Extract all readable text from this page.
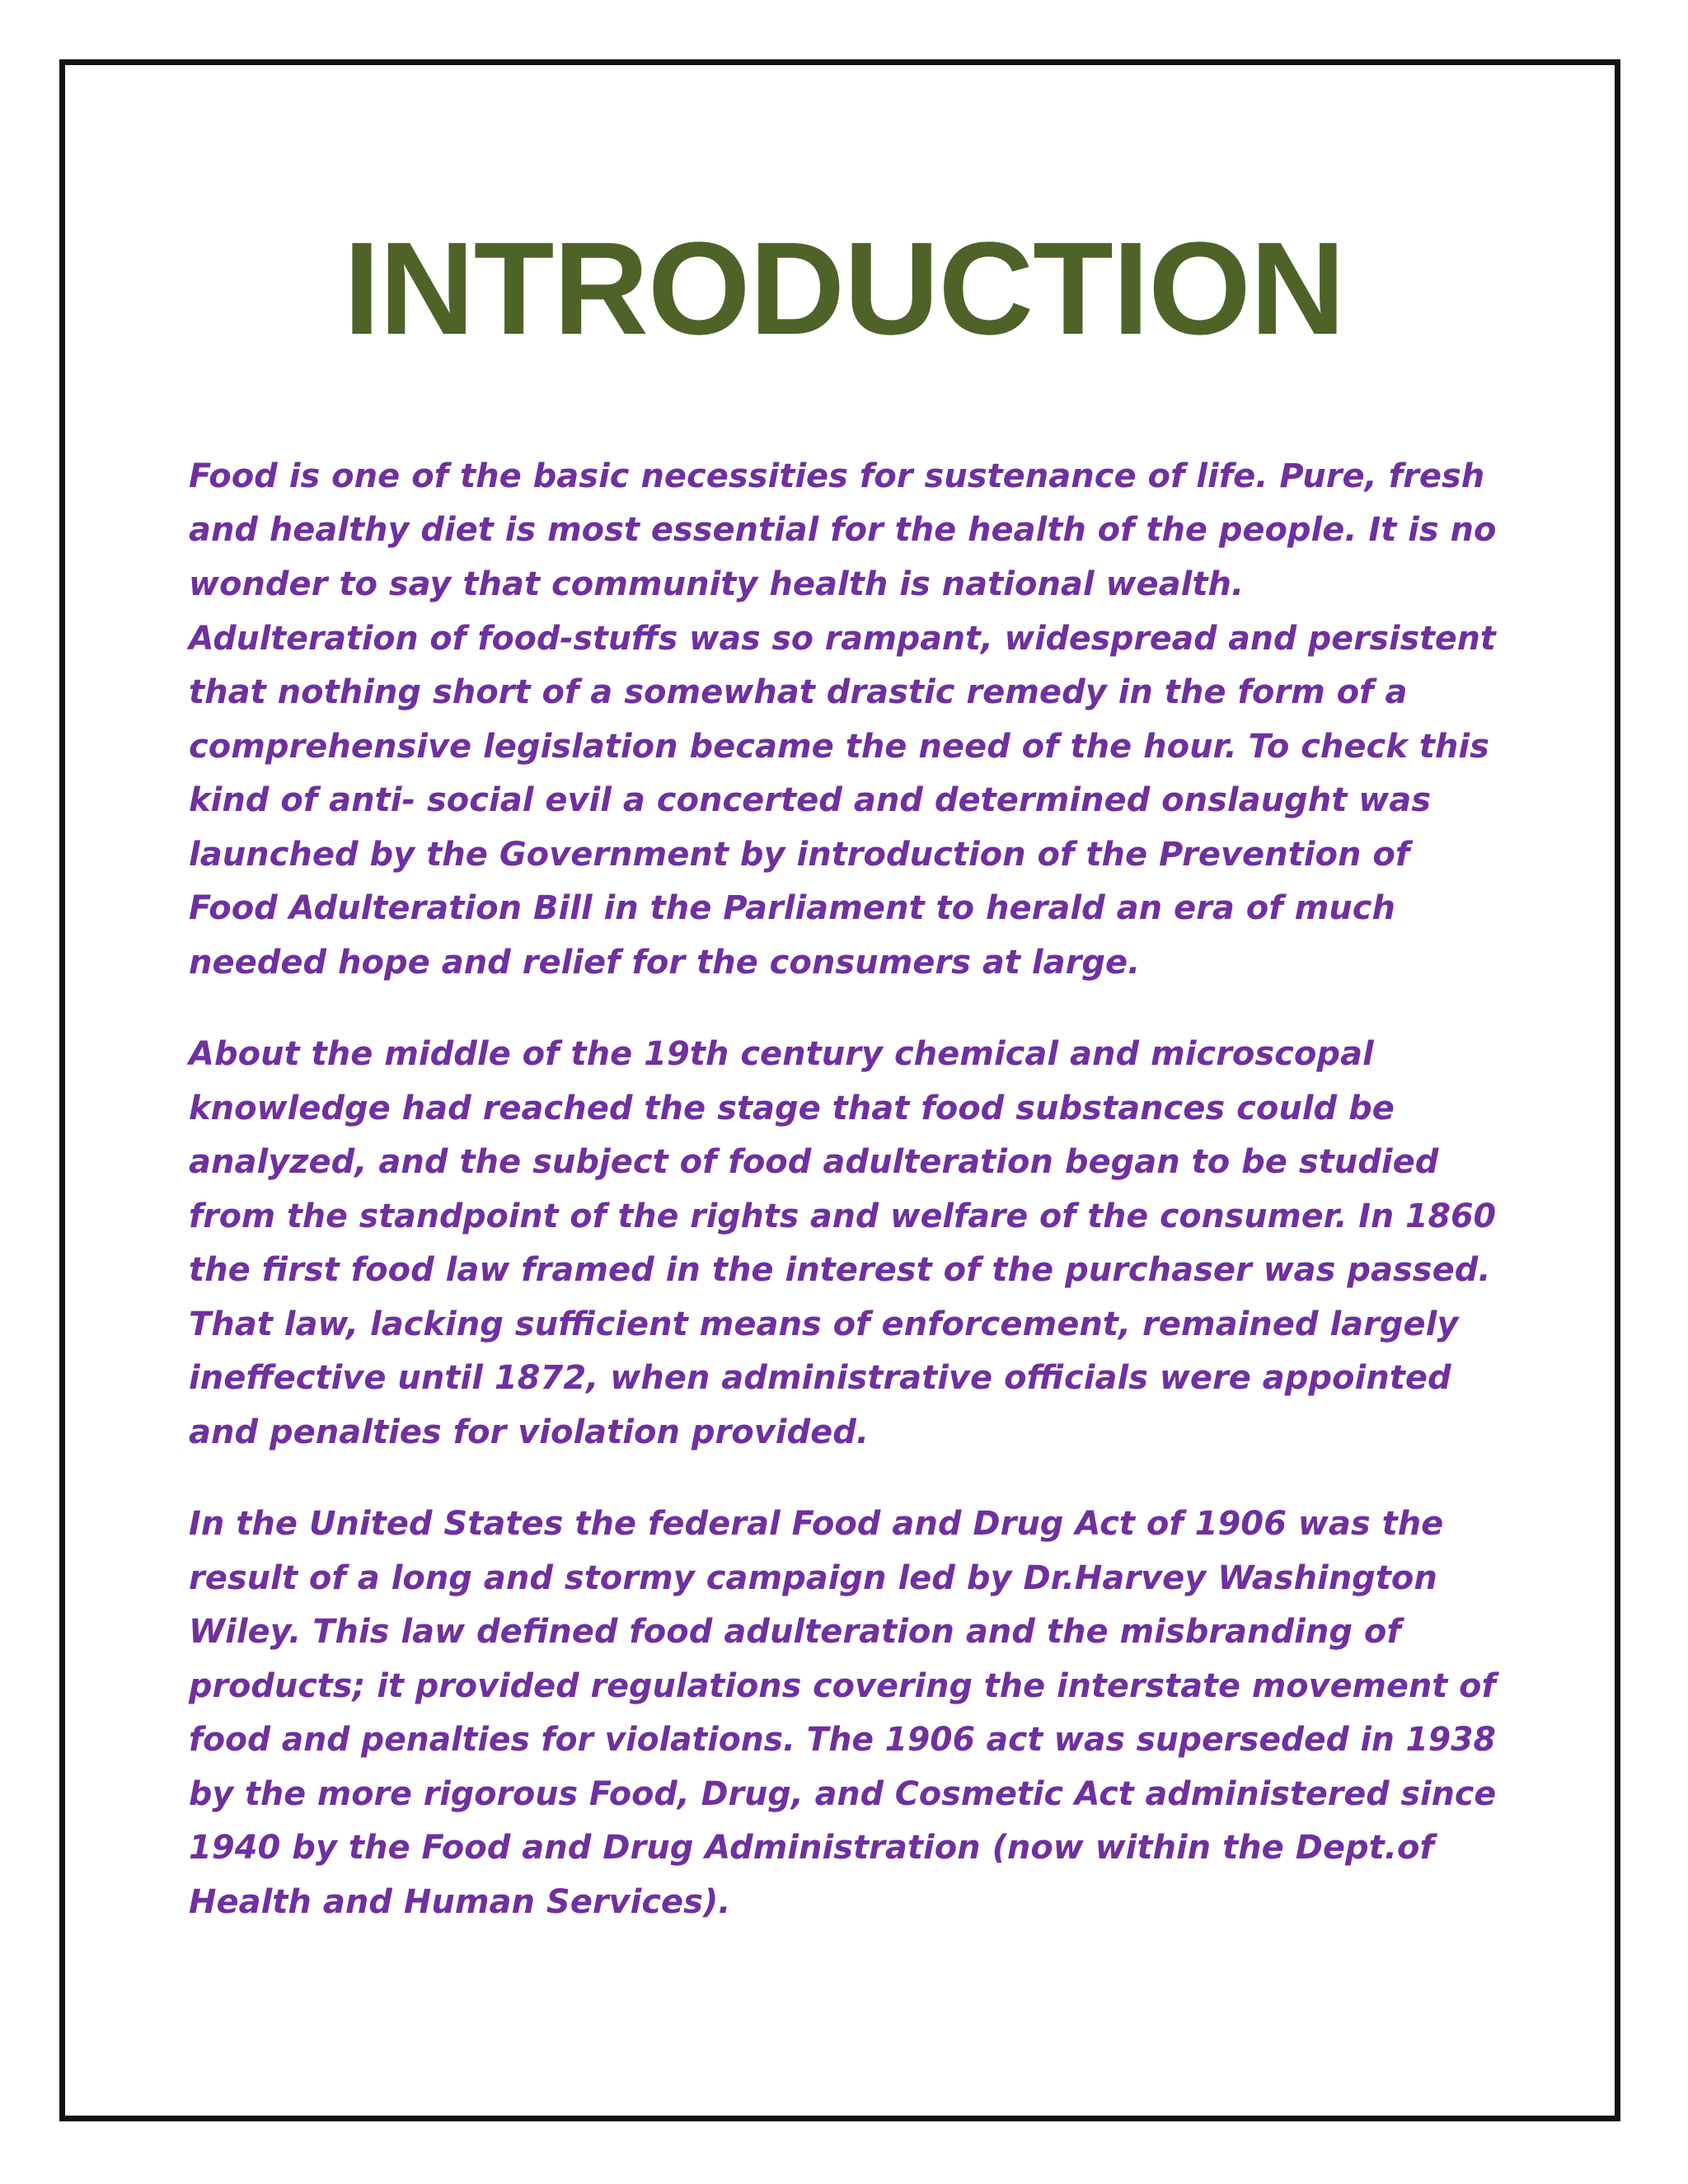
INTRODUCTION

Food is one of the basic necessities for sustenance of life. Pure, fresh

and healthy diet is most essential for the health of the people. It is no

wonder to say that community health is national wealth.

Adulteration of food-stuffs was so rampant, widespread and persistent

that nothing short of a somewhat drastic remedy in the form of a

comprehensive legislation became the need of the hour. To check this

kind of anti- social evil a concerted and determined onslaught was

launched by the Government by introduction of the Prevention of

Food Adulteration Bill in the Parliament to herald an era of much

needed hope and relief for the consumers at large.

About the middle of the 19th century chemical and microscopal

knowledge had reached the stage that food substances could be

analyzed, and the subject of food adulteration began to be studied

from the standpoint of the rights and welfare of the consumer. In 1860

the first food law framed in the interest of the purchaser was passed.

That law, lacking sufficient means of enforcement, remained largely

ineffective until 1872, when administrative officials were appointed

and penalties for violation provided.

In the United States the federal Food and Drug Act of 1906 was the

result of a long and stormy campaign led by Dr.Harvey Washington

Wiley. This law defined food adulteration and the misbranding of

products; it provided regulations covering the interstate movement of

food and penalties for violations. The 1906 act was superseded in 1938

by the more rigorous Food, Drug, and Cosmetic Act administered since

1940 by the Food and Drug Administration (now within the Dept.of

Health and Human Services).
